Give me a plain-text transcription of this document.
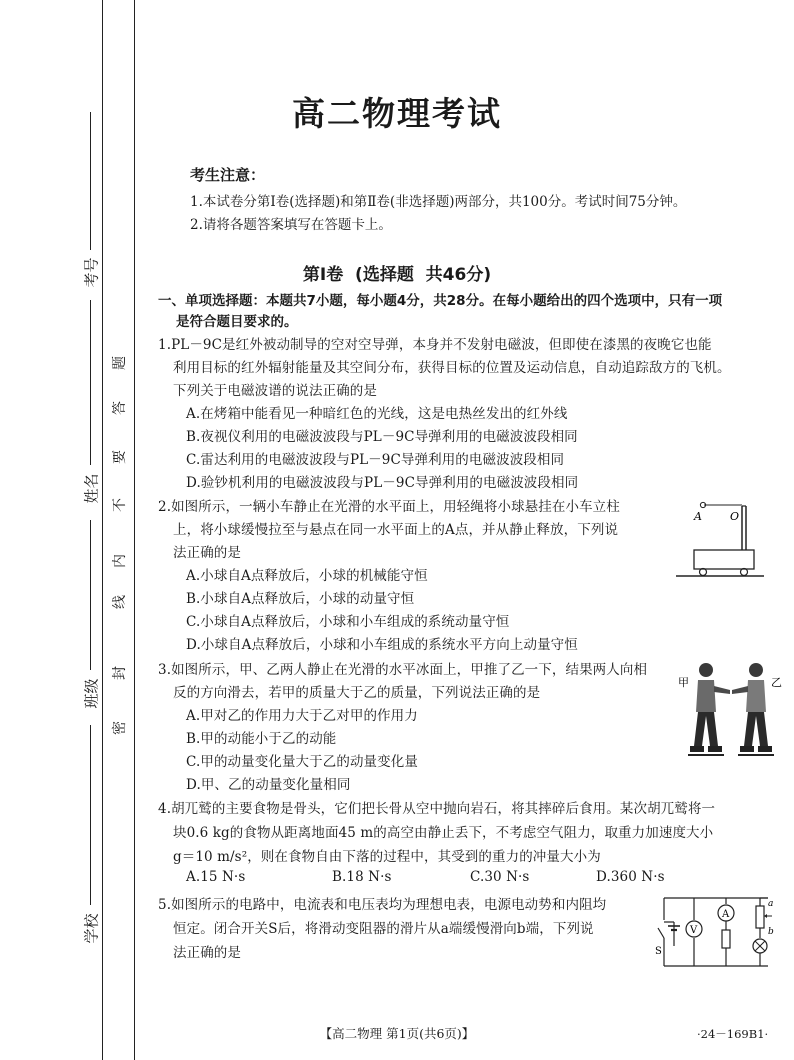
考号
姓名
班级
学校
密
封
线
内
不
要
答
题
高二物理考试
考生注意：
1.本试卷分第Ⅰ卷(选择题)和第Ⅱ卷(非选择题)两部分，共100分。考试时间75分钟。
2.请将各题答案填写在答题卡上。
第Ⅰ卷  (选择题  共46分)
一、单项选择题：本题共7小题，每小题4分，共28分。在每小题给出的四个选项中，只有一项
是符合题目要求的。
1.PL－9C是红外被动制导的空对空导弹，本身并不发射电磁波，但即使在漆黑的夜晚它也能
利用目标的红外辐射能量及其空间分布，获得目标的位置及运动信息，自动追踪敌方的飞机。
下列关于电磁波谱的说法正确的是
A.在烤箱中能看见一种暗红色的光线，这是电热丝发出的红外线
B.夜视仪利用的电磁波波段与PL－9C导弹利用的电磁波波段相同
C.雷达利用的电磁波波段与PL－9C导弹利用的电磁波波段相同
D.验钞机利用的电磁波波段与PL－9C导弹利用的电磁波波段相同
2.如图所示，一辆小车静止在光滑的水平面上，用轻绳将小球悬挂在小车立柱
上，将小球缓慢拉至与悬点在同一水平面上的A点，并从静止释放，下列说
法正确的是
A.小球自A点释放后，小球的机械能守恒
B.小球自A点释放后，小球的动量守恒
C.小球自A点释放后，小球和小车组成的系统动量守恒
D.小球自A点释放后，小球和小车组成的系统水平方向上动量守恒
A	O
3.如图所示，甲、乙两人静止在光滑的水平冰面上，甲推了乙一下，结果两人向相
反的方向滑去，若甲的质量大于乙的质量，下列说法正确的是
A.甲对乙的作用力大于乙对甲的作用力
B.甲的动能小于乙的动能
C.甲的动量变化量大于乙的动量变化量
D.甲、乙的动量变化量相同
甲	乙
4.胡兀鹫的主要食物是骨头，它们把长骨从空中抛向岩石，将其摔碎后食用。某次胡兀鹫将一
块0.6 kg的食物从距离地面45 m的高空由静止丢下，不考虑空气阻力，取重力加速度大小
g＝10 m/s²，则在食物自由下落的过程中，其受到的重力的冲量大小为
A.15 N·s	B.18 N·s	C.30 N·s	D.360 N·s
5.如图所示的电路中，电流表和电压表均为理想电表，电源电动势和内阻均
恒定。闭合开关S后，将滑动变阻器的滑片从a端缓慢滑向b端，下列说
法正确的是	S
V
A
a
b
【高二物理 第1页(共6页)】	·24－169B1·
